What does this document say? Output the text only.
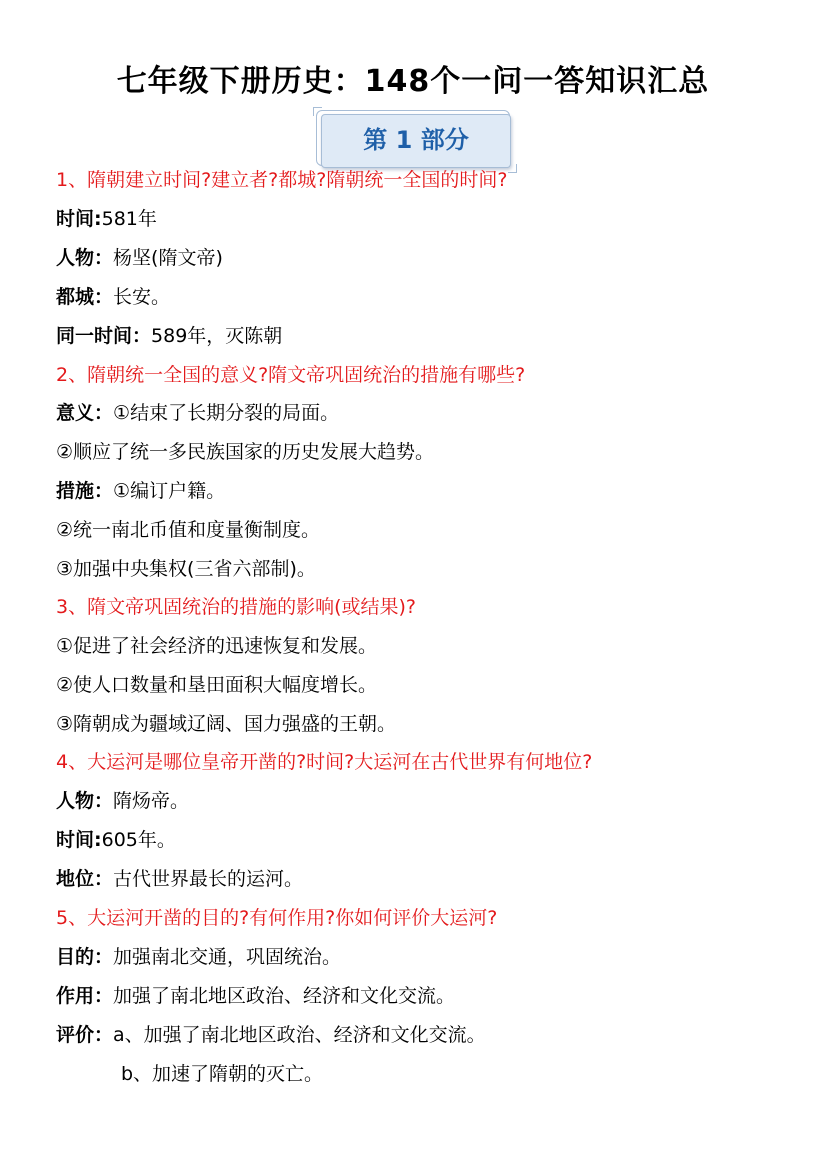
七年级下册历史：148个一问一答知识汇总
第 1 部分
1、隋朝建立时间?建立者?都城?隋朝统一全国的时间?
时间:581年
人物：杨坚(隋文帝)
都城：长安。
同一时间：589年，灭陈朝
2、隋朝统一全国的意义?隋文帝巩固统治的措施有哪些?
意义：①结束了长期分裂的局面。
②顺应了统一多民族国家的历史发展大趋势。
措施：①编订户籍。
②统一南北币值和度量衡制度。
③加强中央集权(三省六部制)。
3、隋文帝巩固统治的措施的影响(或结果)?
①促进了社会经济的迅速恢复和发展。
②使人口数量和垦田面积大幅度增长。
③隋朝成为疆域辽阔、国力强盛的王朝。
4、大运河是哪位皇帝开凿的?时间?大运河在古代世界有何地位?
人物：隋炀帝。
时间:605年。
地位：古代世界最长的运河。
5、大运河开凿的目的?有何作用?你如何评价大运河?
目的：加强南北交通，巩固统治。
作用：加强了南北地区政治、经济和文化交流。
评价：a、加强了南北地区政治、经济和文化交流。
b、加速了隋朝的灭亡。
